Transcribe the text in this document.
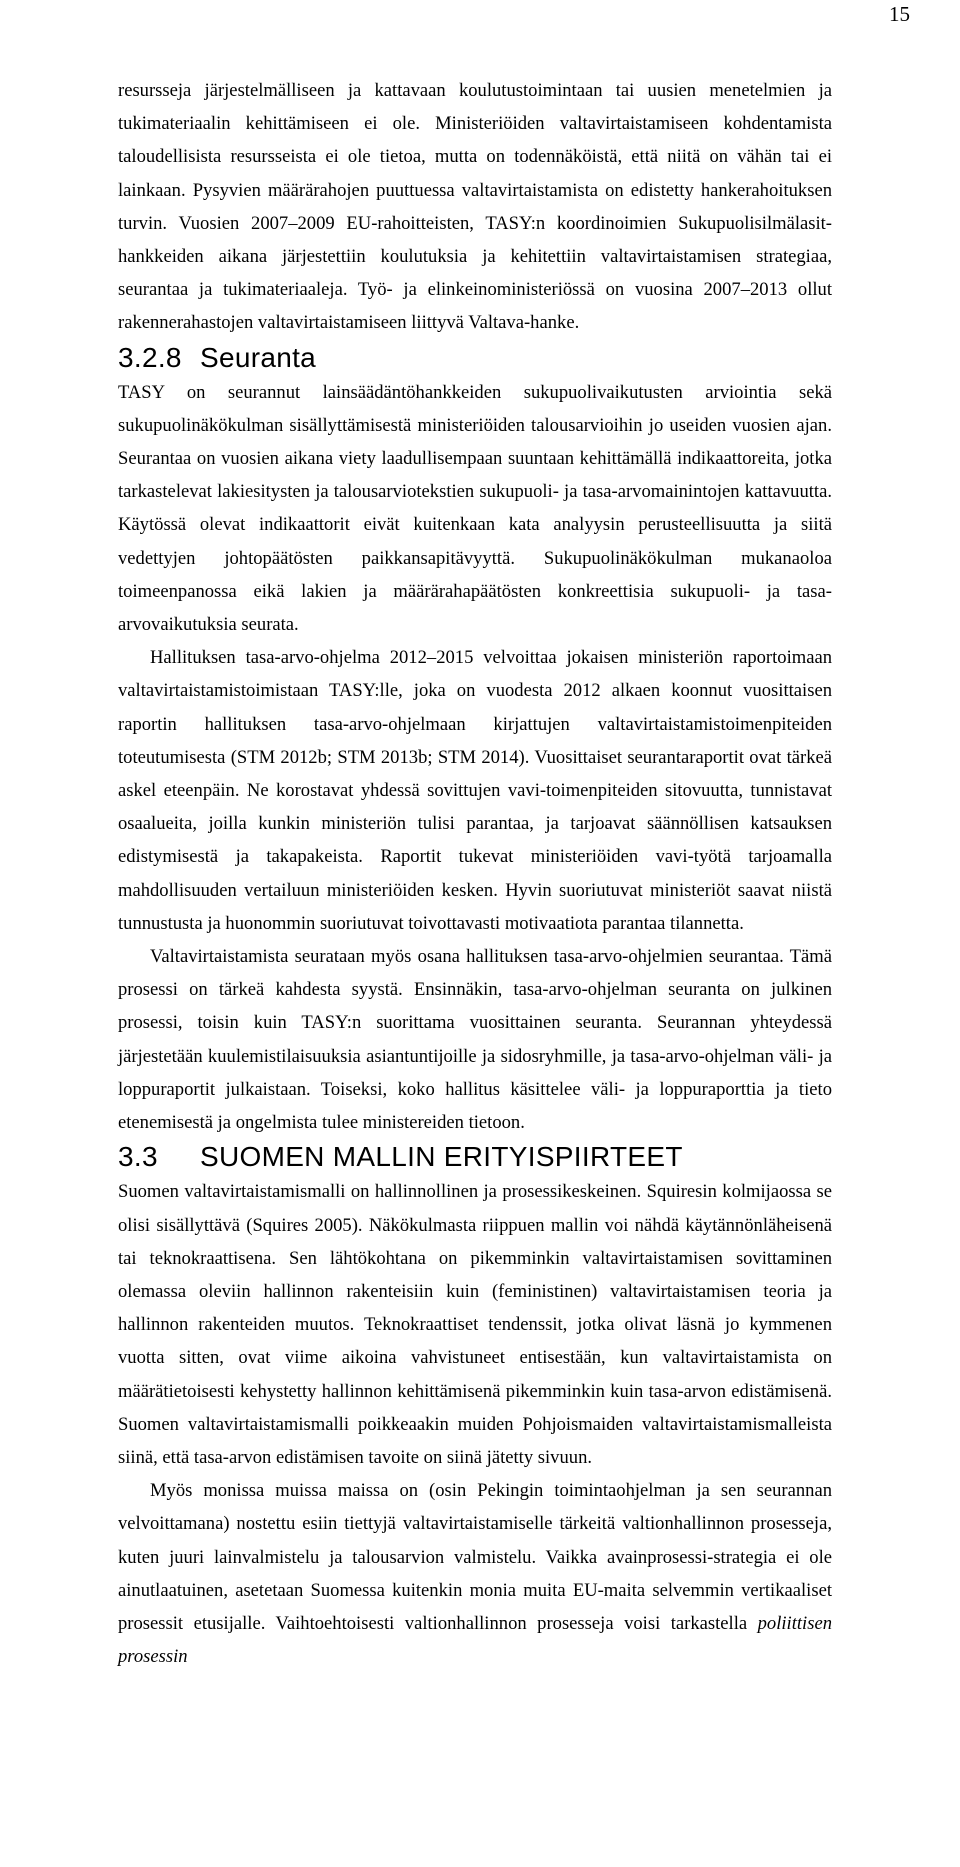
15

resursseja järjestelmälliseen ja kattavaan koulutustoimintaan tai uusien menetelmien ja tukimateriaalin kehittämiseen ei ole. Ministeriöiden valtavirtaistamiseen kohdentamista taloudellisista resursseista ei ole tietoa, mutta on todennäköistä, että niitä on vähän tai ei lainkaan. Pysyvien määrärahojen puuttuessa valtavirtaistamista on edistetty hankerahoituksen turvin. Vuosien 2007–2009 EU-rahoitteisten, TASY:n koordinoimien Sukupuolisilmälasit-hankkeiden aikana järjestettiin koulutuksia ja kehitettiin valtavirtaistamisen strategiaa, seurantaa ja tukimateriaaleja. Työ- ja elinkeinoministeriössä on vuosina 2007–2013 ollut rakennerahastojen valtavirtaistamiseen liittyvä Valtava-hanke.

3.2.8 Seuranta

TASY on seurannut lainsäädäntöhankkeiden sukupuolivaikutusten arviointia sekä sukupuolinäkökulman sisällyttämisestä ministeriöiden talousarvioihin jo useiden vuosien ajan. Seurantaa on vuosien aikana viety laadullisempaan suuntaan kehittämällä indikaattoreita, jotka tarkastelevat lakiesitysten ja talousarviotekstien sukupuoli- ja tasa-arvomainintojen kattavuutta. Käytössä olevat indikaattorit eivät kuitenkaan kata analyysin perusteellisuutta ja siitä vedettyjen johtopäätösten paikkansapitävyyttä. Sukupuolinäkökulman mukanaoloa toimeenpanossa eikä lakien ja määrärahapäätösten konkreettisia sukupuoli- ja tasa-arvovaikutuksia seurata.

Hallituksen tasa-arvo-ohjelma 2012–2015 velvoittaa jokaisen ministeriön raportoimaan valtavirtaistamistoimistaan TASY:lle, joka on vuodesta 2012 alkaen koonnut vuosittaisen raportin hallituksen tasa-arvo-ohjelmaan kirjattujen valtavirtaistamistoimenpiteiden toteutumisesta (STM 2012b; STM 2013b; STM 2014). Vuosittaiset seurantaraportit ovat tärkeä askel eteenpäin. Ne korostavat yhdessä sovittujen vavi-toimenpiteiden sitovuutta, tunnistavat osaalueita, joilla kunkin ministeriön tulisi parantaa, ja tarjoavat säännöllisen katsauksen edistymisestä ja takapakeista. Raportit tukevat ministeriöiden vavi-työtä tarjoamalla mahdollisuuden vertailuun ministeriöiden kesken. Hyvin suoriutuvat ministeriöt saavat niistä tunnustusta ja huonommin suoriutuvat toivottavasti motivaatiota parantaa tilannetta.

Valtavirtaistamista seurataan myös osana hallituksen tasa-arvo-ohjelmien seurantaa. Tämä prosessi on tärkeä kahdesta syystä. Ensinnäkin, tasa-arvo-ohjelman seuranta on julkinen prosessi, toisin kuin TASY:n suorittama vuosittainen seuranta. Seurannan yhteydessä järjestetään kuulemistilaisuuksia asiantuntijoille ja sidosryhmille, ja tasa-arvo-ohjelman väli- ja loppuraportit julkaistaan. Toiseksi, koko hallitus käsittelee väli- ja loppuraporttia ja tieto etenemisestä ja ongelmista tulee ministereiden tietoon.

3.3 SUOMEN MALLIN ERITYISPIIRTEET

Suomen valtavirtaistamismalli on hallinnollinen ja prosessikeskeinen. Squiresin kolmijaossa se olisi sisällyttävä (Squires 2005). Näkökulmasta riippuen mallin voi nähdä käytännönläheisenä tai teknokraattisena. Sen lähtökohtana on pikemminkin valtavirtaistamisen sovittaminen olemassa oleviin hallinnon rakenteisiin kuin (feministinen) valtavirtaistamisen teoria ja hallinnon rakenteiden muutos. Teknokraattiset tendenssit, jotka olivat läsnä jo kymmenen vuotta sitten, ovat viime aikoina vahvistuneet entisestään, kun valtavirtaistamista on määrätietoisesti kehystetty hallinnon kehittämisenä pikemminkin kuin tasa-arvon edistämisenä. Suomen valtavirtaistamismalli poikkeaakin muiden Pohjoismaiden valtavirtaistamismalleista siinä, että tasa-arvon edistämisen tavoite on siinä jätetty sivuun.

Myös monissa muissa maissa on (osin Pekingin toimintaohjelman ja sen seurannan velvoittamana) nostettu esiin tiettyjä valtavirtaistamiselle tärkeitä valtionhallinnon prosesseja, kuten juuri lainvalmistelu ja talousarvion valmistelu. Vaikka avainprosessi-strategia ei ole ainutlaatuinen, asetetaan Suomessa kuitenkin monia muita EU-maita selvemmin vertikaaliset prosessit etusijalle. Vaihtoehtoisesti valtionhallinnon prosesseja voisi tarkastella poliittisen prosessin
